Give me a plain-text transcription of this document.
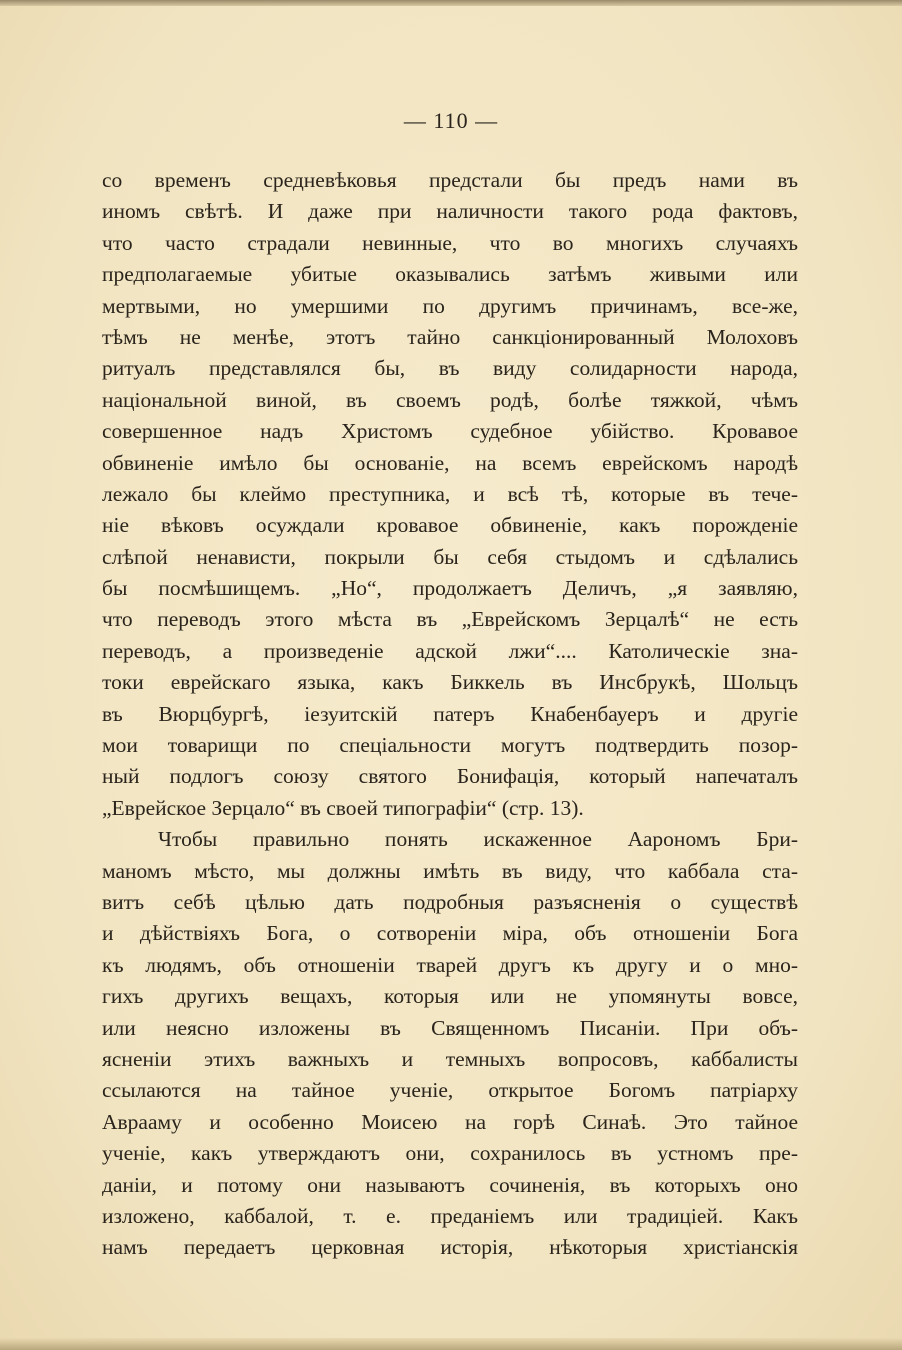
— 110 —
со временъ средневѣковья предстали бы предъ нами въ
иномъ свѣтѣ. И даже при наличности такого рода фактовъ,
что часто страдали невинные, что во многихъ случаяхъ
предполагаемые убитые оказывались затѣмъ живыми или
мертвыми, но умершими по другимъ причинамъ, все-же,
тѣмъ не менѣе, этотъ тайно санкціонированный Молоховъ
ритуалъ представлялся бы, въ виду солидарности народа,
національной виной, въ своемъ родѣ, болѣе тяжкой, чѣмъ
совершенное надъ Христомъ судебное убійство. Кровавое
обвиненіе имѣло бы основаніе, на всемъ еврейскомъ народѣ
лежало бы клеймо преступника, и всѣ тѣ, которые въ тече-
ніе вѣковъ осуждали кровавое обвиненіе, какъ порожденіе
слѣпой ненависти, покрыли бы себя стыдомъ и сдѣлались
бы посмѣшищемъ. „Но“, продолжаетъ Деличъ, „я заявляю,
что переводъ этого мѣста въ „Еврейскомъ Зерцалѣ“ не есть
переводъ, а произведеніе адской лжи“.... Католическіе зна-
токи еврейскаго языка, какъ Биккель въ Инсбрукѣ, Шольцъ
въ Вюрцбургѣ, іезуитскій патеръ Кнабенбауеръ и другіе
мои товарищи по спеціальности могутъ подтвердить позор-
ный подлогъ союзу святого Бонифація, который напечаталъ
„Еврейское Зерцало“ въ своей типографіи“ (стр. 13).
Чтобы правильно понять искаженное Аарономъ Бри-
маномъ мѣсто, мы должны имѣть въ виду, что каббала ста-
витъ себѣ цѣлью дать подробныя разъясненія о существѣ
и дѣйствіяхъ Бога, о сотвореніи міра, объ отношеніи Бога
къ людямъ, объ отношеніи тварей другъ къ другу и о мно-
гихъ другихъ вещахъ, которыя или не упомянуты вовсе,
или неясно изложены въ Священномъ Писаніи. При объ-
ясненіи этихъ важныхъ и темныхъ вопросовъ, каббалисты
ссылаются на тайное ученіе, открытое Богомъ патріарху
Аврааму и особенно Моисею на горѣ Синаѣ. Это тайное
ученіе, какъ утверждаютъ они, сохранилось въ устномъ пре-
даніи, и потому они называютъ сочиненія, въ которыхъ оно
изложено, каббалой, т. е. преданіемъ или традиціей. Какъ
намъ передаетъ церковная исторія, нѣкоторыя христіанскія
